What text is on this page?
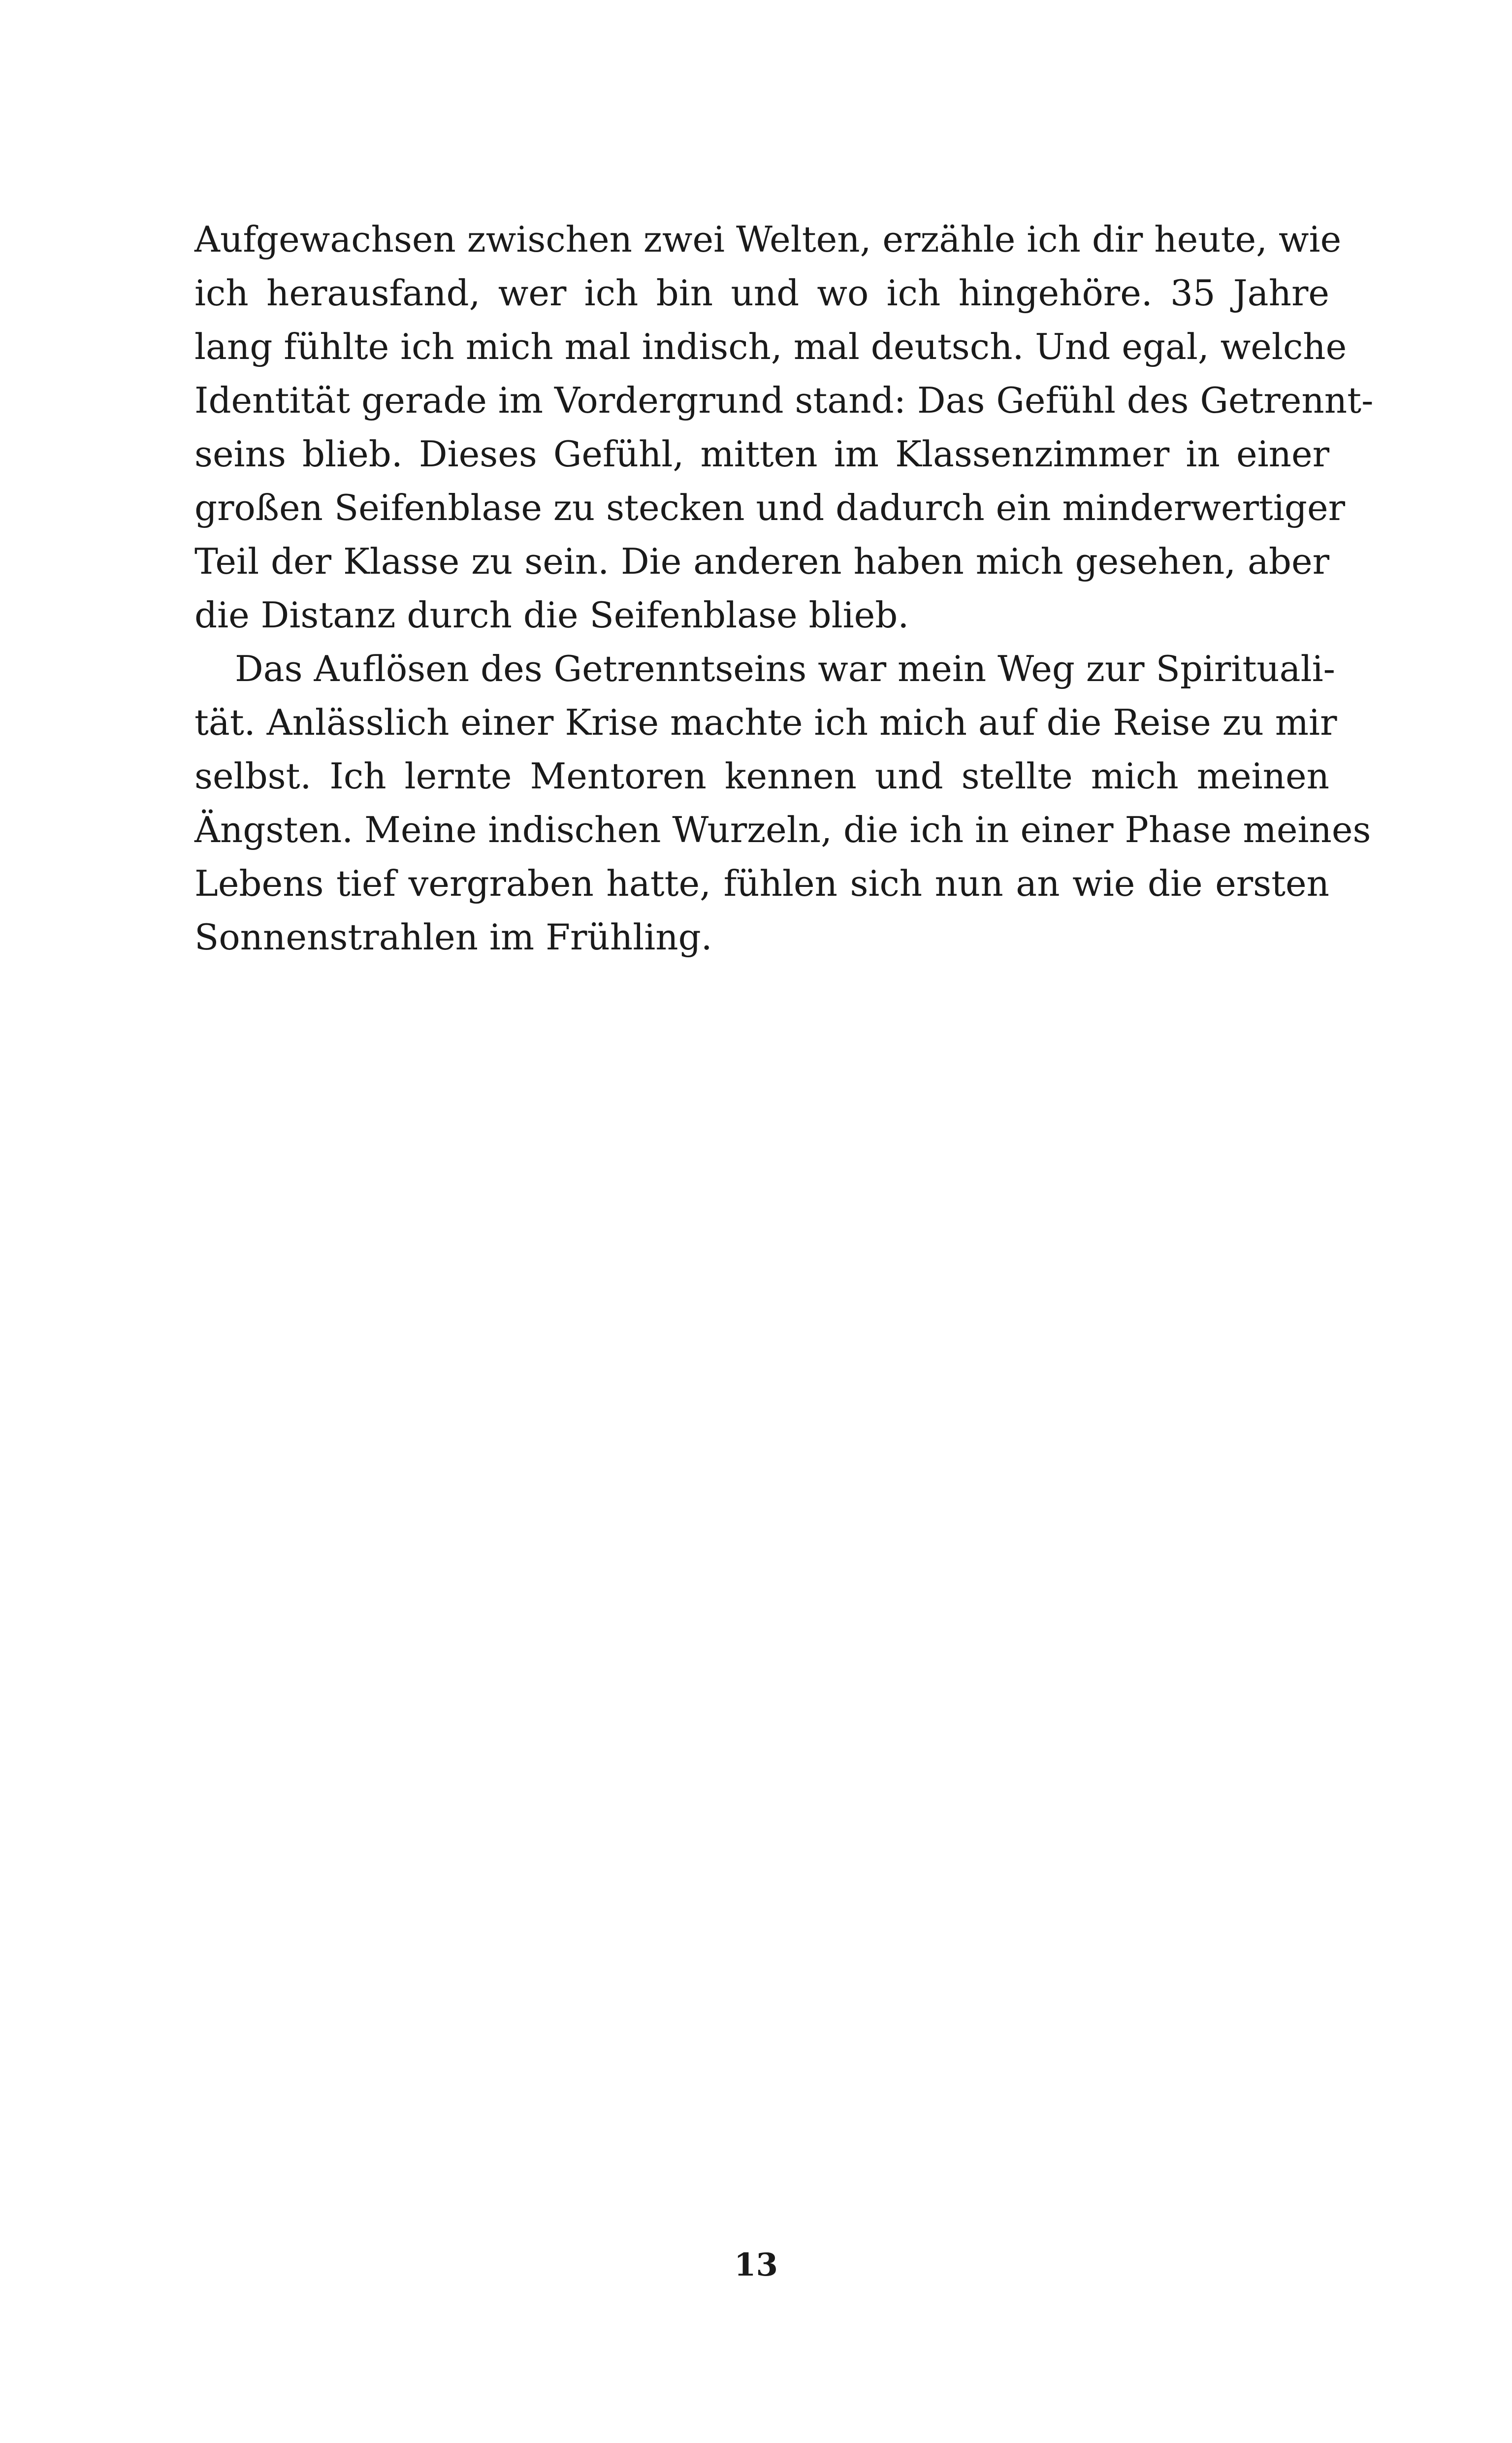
Aufgewachsen zwischen zwei Welten, erzähle ich dir heute, wie
ich herausfand, wer ich bin und wo ich hingehöre. 35 Jahre
lang fühlte ich mich mal indisch, mal deutsch. Und egal, welche
Identität gerade im Vordergrund stand: Das Gefühl des Getrennt-
seins blieb. Dieses Gefühl, mitten im Klassenzimmer in einer
großen Seifenblase zu stecken und dadurch ein minderwertiger
Teil der Klasse zu sein. Die anderen haben mich gesehen, aber
die Distanz durch die Seifenblase blieb.
Das Auflösen des Getrenntseins war mein Weg zur Spirituali-
tät. Anlässlich einer Krise machte ich mich auf die Reise zu mir
selbst. Ich lernte Mentoren kennen und stellte mich meinen
Ängsten. Meine indischen Wurzeln, die ich in einer Phase meines
Lebens tief vergraben hatte, fühlen sich nun an wie die ersten
Sonnenstrahlen im Frühling.
13
